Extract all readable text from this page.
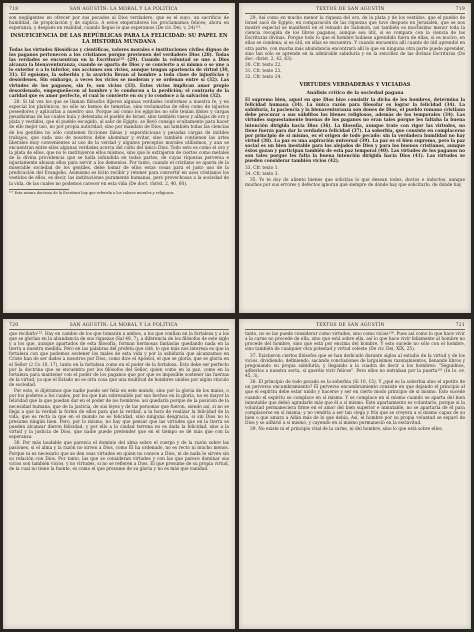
718	SAN AGUSTÍN: LA MORAL Y LA POLÍTICA

son negligentes en ofrecer por sus pecados al Dios verdadero, que es el suyo, un sacrificio de humildad, de propiciación y de súplica. A estos emperadores los proclamamos felices; ahora en esperanza, y después en realidad, cuando llegue lo que esperamos (De civ. Dei, v, 24)¹²¹.

INSUFICIENCIA DE LAS REPÚBLICAS PARA LA FELICIDAD: SU PAPEL EN LA HISTORIA MUNDANA

Todas las virtudes filosóficas y científicas, valores morales e instituciones civiles dignos de los paganos pertenecen a los cristianos porque provienen del verdadero Dios (28). Todas las verdades se encuentran en la Escritura¹²² (29). Cuando la voluntad se une a Dios alcanza la bienaventuranza, cuando se aparta de Dios y se convierte a sí misma o se une a lo exterior o a lo inferior, sus acciones son vicios, aunque tengan apariencia de virtud (30, 31). El egoísmo, la soberbia y la avaricia llevan al hombre a toda clase de injusticias y desórdenes. Sin embargo, a veces los vicios se moderan y se ordenan entre sí (32). Las virtudes de los paganos, sin fe, son vicios (33). Estos vicios implican amor propio desordenado, empequeñecen al hombre y lo conducen a la perdición; el contrario de la caridad que es amor perfecto, el cual lo convierte en su y lo conduce a la salvación (32).

28. Si tal vez los que se llaman filósofos dijeron algunas verdades conformes a nuestra fe, y en especial los platónicos, no sólo no hemos de temerlas, sino reclamarlas de ellos como de injustos poseedores y aplicarlas a nuestro uso. Porque así como los egipcios no sólo tenían ídolos y cargas pesadísimas de las cuales huía y detestaba el pueblo de Israel, sino también vasos y alhajas de oro y plata y vestidos, que el pueblo escogido, al salir de Egipto, se llevó consigo ocultamente para hacer de ello mejor uso, no por propia autoridad, sino por mandato de Dios, así también todas las ciencias de los gentiles no sólo contienen ficciones falsas y supersticiosas y pesadas cargas de inútiles trabajos, que cada uno de nosotros debe abominar y evitar, sino también contienen las artes liberales muy convenientes al uso de la verdad y algunos preceptos morales utilísimos, y aun se encuentran entre ellos algunas verdades acerca del culto del único Dios. Todo esto es como el oro y la plata de ellos, que no lo instituyeron ellos mismos, sino que lo extrajeron de ciertos como metales de la divina providencia que se halla infundida en todas partes, de cuyas riquezas perversa e injustamente abusan ellos para servir a los demonios. Por tanto, cuando el cristiano se aparta de la miserable sociedad de los gentiles, debe tomar de ellos estas cosas para el justo uso de la predicación del Evangelio. Asimismo es lícito recibir y retener para convertir en usos cristianos los vestidos de ellos, es decir, las instituciones puramente humanas, pero provechosas a la sociedad de la vida, de las cuales no podemos carecer en esta vida (De doct. christ. 2, 40, 60).

¹²¹ Esta misma doctrina de la Escritura hay que referirla a los valores morales y religiosos.

TEXTOS DE SAN AGUSTÍN	719

29. Así como en mucho menor la riqueza del oro, de la plata y de los vestidos, que el pueblo de Israel sacó de Egipto, en comparación de las riquezas que tuvo después en Jerusalén, que se nos mostró especial se manifestó en el reinado de Salomón, así también es muchísimo menor toda la ciencia recogida de los libros paganos, aunque sea útil, si se compara con la ciencia de las Escrituras divinas. Porque todo lo que el hombre hubiese aprendido fuera de ellas, si es nocivo, en ellas se condena; si es útil, en ellas se encuentra. Y cuando encuentra allí cuanto de útil aprendió en otra parte, con mucha más abundancia encontrará allí lo que en ninguna otra parte puede aprender, sino tan sólo se aprende en la admirable sabiduría y en la sencillez de las divinas Escrituras (De doc. christ. 2, 42, 63).

30. Cfr. texto 22.

31. Cfr. texto 23.

32. Cfr. texto 24.

VIRTUDES VERDADERAS Y VICIADAS
Análisis crítico de la sociedad pagana

El supremo bien, aquel en que Dios hizo consistir la dicha de los hombres, determina la felicidad humana (34). La única razón para filosofar es lograr la felicidad (34). La sabiduría, la paciencia y la bienaventuranza son dones de Dios, el pueblo romano cristiano debe procurar a sus súbditos los bienes religiosos, además de los temporales (34). Las virtudes supuestamente buenas de los paganos no eran tales porque les faltaba la buena intención dirigida hacia Dios (36). La filosofía, aunque trate con rigor las virtudes, no tiene fuerza para dar la verdadera felicidad (37). La soberbia, que consiste en complacerse por principio de sí mismo, es el origen de todo pecado: sin la verdadera humildad no hay virtud (38). La paz es una aspiración universal (39). La paz es el bien supremo, pero la paz social es un bien inestable para los alejados de Dios y para los buenos cristianos, aunque éstos gozan y participan también de esta paz temporal (40). Las virtudes de los paganos no son tales porque les falta la buena intención dirigida hacia Dios (41). Las virtudes se pueden considerar también vicios (42).

33. Cfr. texto 1.

34. Cfr. texto 3.

35. Yo te doy de aliento bienes que solicitas lo que desean todos, doctos e indoctos, aunque muchos por sus errores y defectos ignoran qué siempre de dónde hay que solicitarlo, de dónde hay

720	SAN AGUSTÍN: LA MORAL Y LA POLÍTICA

que recibirlo¹²³. Hay en cambio de los que tomarán a ambos, a los que confían en la fortaleza y a los que se glorían en la abundancia de sus riquezas (Sal 48, 7), a diferencia de los filósofos de este siglo y a los que, aunque apartados de esta filosofía, forman hermosas fantasías quedando nada en la tierra a nuestra medida. Pero en las palabras del profeta que cité, lo que más nos interesa es que la fortaleza con que podemos sostener los males de esta vida y por la sabiduría que alcanzamos en Cristo han de ser dados a nosotros por Dios, como dice el Apóstol, el que se gloría, que se gloría en el Señor (2 Co 10, 17), tanto en la fortaleza como en el poder de la fortaleza. Esto debe ser perfecto por la doctrina que se encuentra por los filósofos del Señor, quien como en la paz, como en la fortaleza para mantener con el poder de los paganos que por que es imposible sostener las fuerzas de la virtud, ya que el Estado no es otra cosa que una multitud de hombres unidos por algún vínculo de sociedad.

Por esto, si dijéramos que nadie puede ser feliz en este mundo, sino por la gloria de los malos, o por los poderes a los cuales, por los que han sobresalido por sus hechos en la gloria, no es mayor la felicidad que la que puedan dar en el poder de los hombres: así quedaría porque de la posición de la necesidad humana, que de la justicia, de sus leyes y de las personas que fueron, siendo así, si no se llega a que la verdad la forme de ellos para que la verdad, a la hora de realizar la felicidad de la vida, que es recta la que en el mundo no es felicidad, sino ninguna desgracia, si sin Dios no lo presume ningún bien. Pero, por lo mismo, no hay que pensar que las virtudes que en la tierra se pueden alcanzar dieron felicidad, y por ello a la ciudad terrena no es dada la felicidad, sino a la virtud y la justicia de Dios, que nadie puede pretender que en el tiempo se dé más que con la esperanza.

36. Por más laudable que parezca el dominio del alma sobre el cuerpo y de la razón sobre las pasiones, si el alma y la razón no sirven a Dios, como Él ha ordenado, no es recto ni mucho menos. Porque ni es necesario que se den esas virtudes en quien no conoce a Dios, ni de nada le sirven sin su relación con Dios. Por tanto, las que se consideran virtudes y con las que parece dominar sus vicios son también vicios, y no virtudes, si no se refieren a Dios. El que presume de su propia virtud, de la cual no tiene la fuente, es como el que presume de su gloria y no es más que vanidad.

TEXTOS DE SAN AGUSTÍN	721

tanto, no se las puede considerar como virtudes, sino como vicios¹²⁴. Pues así como lo que hace vivir a la carne no procede de ella, sino que está sobre ella, así lo que hace vivir felizmente al hombre no procede del hombre, sino que está por encima del hombre. Y esto sucede no sólo con el hombre, sino también de cualquier otra potestad y virtud celeste (De civ. Dei, XIX, 25).

37. Existieron ciertos filósofos que se han dedicado durante siglos al estudio de la virtud y de los vicios, dividiendo, definiendo, sacando conclusiones de larguísimos razonamientos, llenando libros y pregonando su propia sabiduría; y llegando a la cuadra de decir a los hombres: "Seguidnos, adheríos a nuestra secta, si queréis vivir felices". Pero ellos no entraban por la puerta¹²⁵ (In Io. ev. 45, 3).

38. El principio de todo pecado es la soberbia (Si 10, 15). Y ¿qué es la soberbia sino el apetito de un perverso encumbramiento? El perverso encumbramiento consiste en que dejando el principio al que el espíritu debe estar unido y hacerse y ser en cierto modo principio de sí mismo. Esto sucede cuando el espíritu se complace en sí mismo. Y se complace en sí mismo cuando se aparta del bien inmutable que debió agradarle más que él a sí mismo. Este apartamiento es voluntario, porque si la voluntad permaneciera firme en el amor del bien superior e inmutable, no se apartaría de él para complacerse en sí misma; y no vendría a ser tan ciega y fría que se creyera a sí mismo capaz de su bien o que amara a Adán más de lo que debía. Así, el hombre por su propia voluntad se separó de Dios y se adhirió a sí mismo, y cayendo en sí mismo permaneció en la esclavitud.

39. No existe ni el principio vital de la carne, ni del hombre, sino lo que está sobre ellos.
